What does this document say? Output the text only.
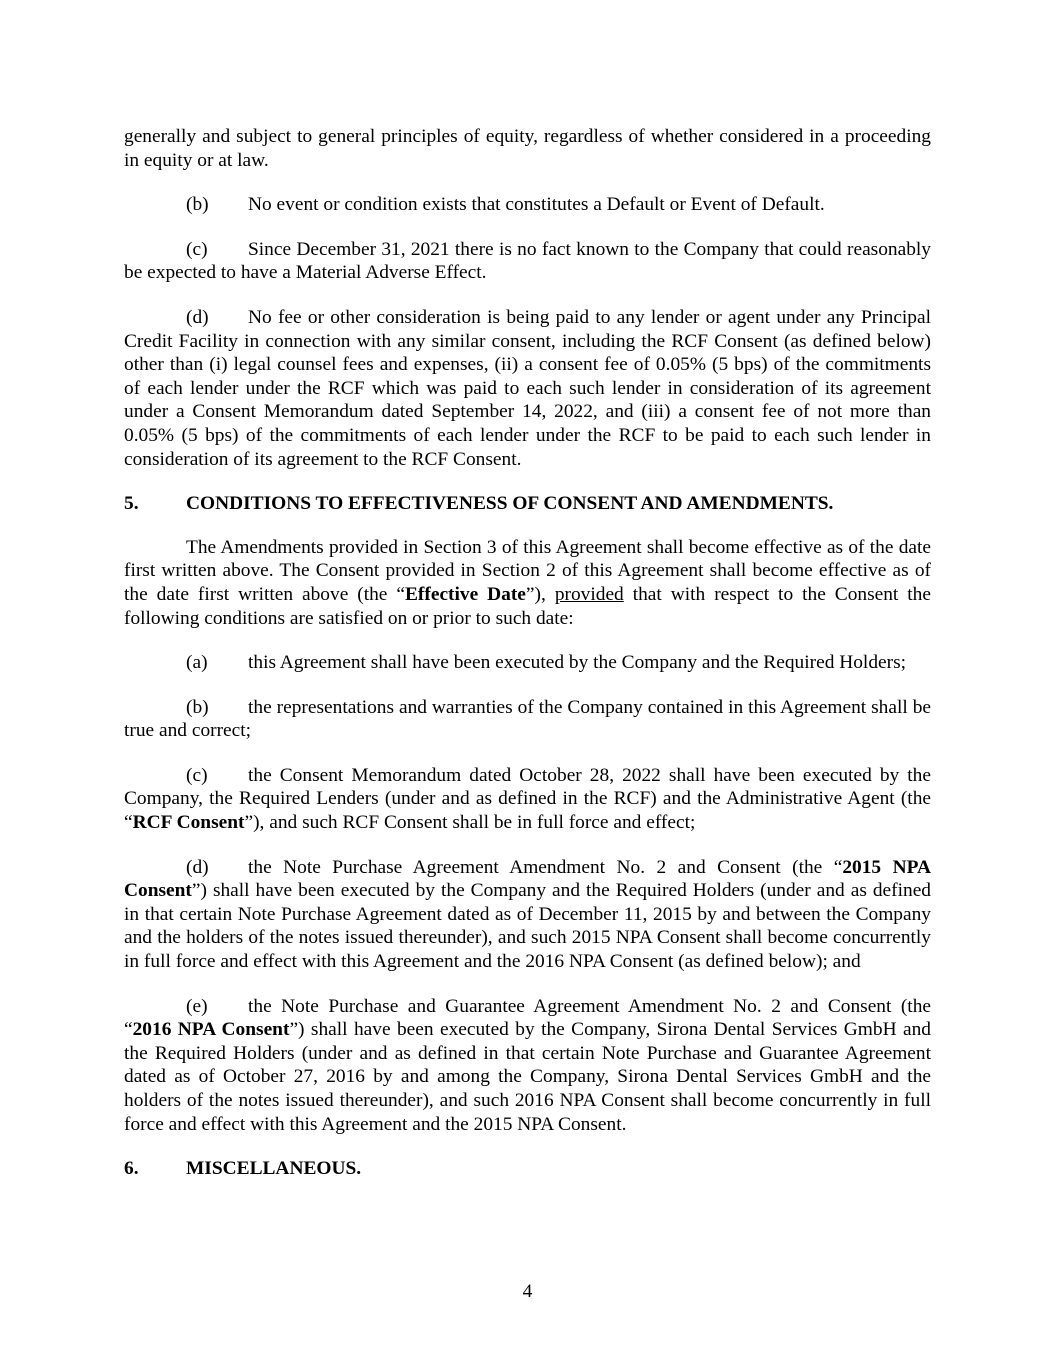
generally and subject to general principles of equity, regardless of whether considered in a proceeding in equity or at law.

(b) No event or condition exists that constitutes a Default or Event of Default.

(c) Since December 31, 2021 there is no fact known to the Company that could reasonably be expected to have a Material Adverse Effect.

(d) No fee or other consideration is being paid to any lender or agent under any Principal Credit Facility in connection with any similar consent, including the RCF Consent (as defined below) other than (i) legal counsel fees and expenses, (ii) a consent fee of 0.05% (5 bps) of the commitments of each lender under the RCF which was paid to each such lender in consideration of its agreement under a Consent Memorandum dated September 14, 2022, and (iii) a consent fee of not more than 0.05% (5 bps) of the commitments of each lender under the RCF to be paid to each such lender in consideration of its agreement to the RCF Consent.

5. CONDITIONS TO EFFECTIVENESS OF CONSENT AND AMENDMENTS.

The Amendments provided in Section 3 of this Agreement shall become effective as of the date first written above. The Consent provided in Section 2 of this Agreement shall become effective as of the date first written above (the “Effective Date”), provided that with respect to the Consent the following conditions are satisfied on or prior to such date:

(a) this Agreement shall have been executed by the Company and the Required Holders;

(b) the representations and warranties of the Company contained in this Agreement shall be true and correct;

(c) the Consent Memorandum dated October 28, 2022 shall have been executed by the Company, the Required Lenders (under and as defined in the RCF) and the Administrative Agent (the “RCF Consent”), and such RCF Consent shall be in full force and effect;

(d) the Note Purchase Agreement Amendment No. 2 and Consent (the “2015 NPA Consent”) shall have been executed by the Company and the Required Holders (under and as defined in that certain Note Purchase Agreement dated as of December 11, 2015 by and between the Company and the holders of the notes issued thereunder), and such 2015 NPA Consent shall become concurrently in full force and effect with this Agreement and the 2016 NPA Consent (as defined below); and

(e) the Note Purchase and Guarantee Agreement Amendment No. 2 and Consent (the “2016 NPA Consent”) shall have been executed by the Company, Sirona Dental Services GmbH and the Required Holders (under and as defined in that certain Note Purchase and Guarantee Agreement dated as of October 27, 2016 by and among the Company, Sirona Dental Services GmbH and the holders of the notes issued thereunder), and such 2016 NPA Consent shall become concurrently in full force and effect with this Agreement and the 2015 NPA Consent.

6. MISCELLANEOUS.

4
